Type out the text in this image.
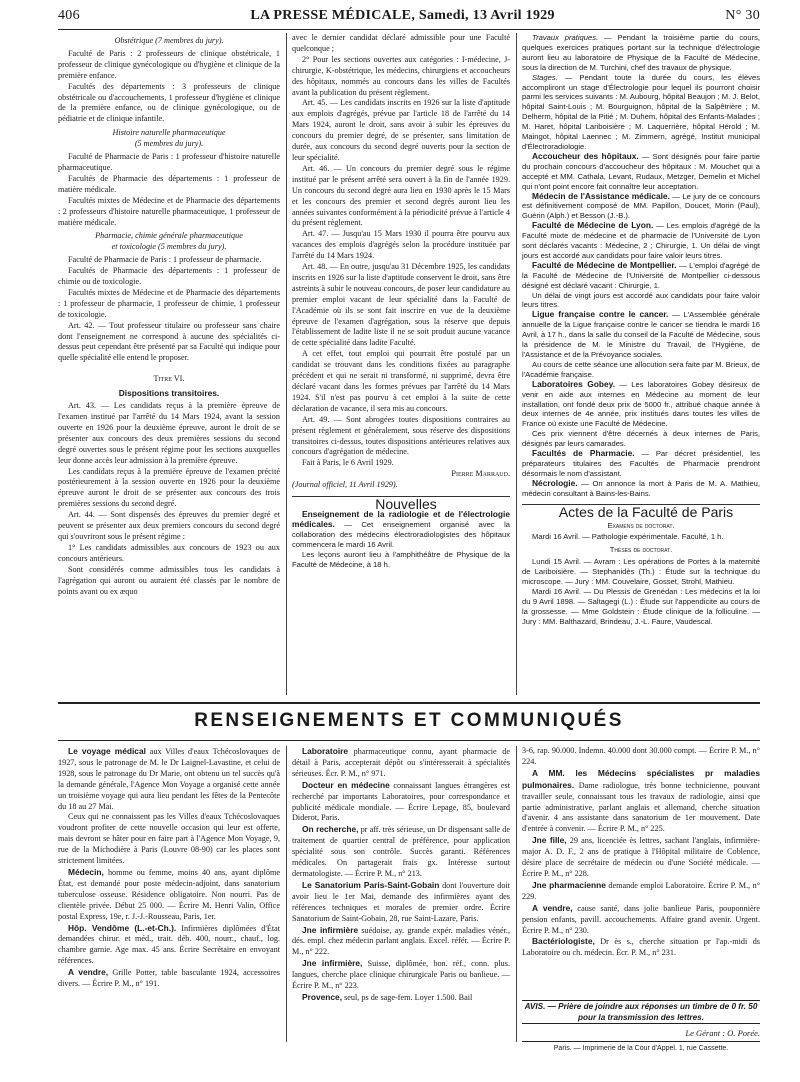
406	LA PRESSE MÉDICALE, Samedi, 13 Avril 1929	N° 30

Obstétrique (7 membres du jury).

Faculté de Paris : 2 professeurs de clinique obstétricale, 1 professeur de clinique gynécologique ou d'hygiène et clinique de la première enfance.

Facultés des départements : 3 professeurs de clinique obstétricale ou d'accouchements, 1 professeur d'hygiène et clinique de la première enfance, ou de clinique gynécologique, ou de pédiatrie et de clinique infantile.

Histoire naturelle pharmaceutique
(5 membres du jury).

Faculté de Pharmacie de Paris : 1 professeur d'histoire naturelle pharmaceutique.

Facultés de Pharmacie des départements : 1 professeur de matière médicale.

Facultés mixtes de Médecine et de Pharmacie des départements : 2 professeurs d'histoire naturelle pharmaceutique, 1 professeur de matière médicale.

Pharmacie, chimie générale pharmaceutique
et toxicologie (5 membres du jury).

Faculté de Pharmacie de Paris : 1 professeur de pharmacie.

Facultés de Pharmacie des départements : 1 professeur de chimie ou de toxicologie.

Facultés mixtes de Médecine et de Pharmacie des départements : 1 professeur de pharmacie, 1 professeur de chimie, 1 professeur de toxicologie.

Art. 42. — Tout professeur titulaire ou professeur sans chaire dont l'enseignement ne correspond à aucune des spécialités ci-dessus peut cependant être présenté par sa Faculté qui indique pour quelle spécialité elle entend le proposer.

Titre VI.

Dispositions transitoires.

Art. 43. — Les candidats reçus à la première épreuve de l'examen institué par l'arrêté du 14 Mars 1924, avant la session ouverte en 1926 pour la deuxième épreuve, auront le droit de se présenter aux concours des deux premières sessions du second degré ouvertes sous le présent régime pour les sections auxquelles leur donne accès leur admission à la première épreuve.

Les candidats reçus à la première épreuve de l'examen précité postérieurement à la session ouverte en 1926 pour la deuxième épreuve auront le droit de se présenter aux concours des trois premières sessions du second degré.

Art. 44. — Sont dispensés des épreuves du premier degré et peuvent se présenter aux deux premiers concours du second degré qui s'ouvriront sous le présent régime :

1° Les candidats admissibles aux concours de 1923 ou aux concours antérieurs.

Sont considérés comme admissibles tous les candidats à l'agrégation qui auront ou auraient été classés par le nombre de points avant ou ex æquo

avec le dernier candidat déclaré admissible pour une Faculté quelconque ;

2° Pour les sections ouvertes aux catégories : I-médecine, J-chirurgie, K-obstétrique, les médecins, chirurgiens et accoucheurs des hôpitaux, nommés au concours dans les villes de Facultés avant la publication du présent règlement.

Art. 45. — Les candidats inscrits en 1926 sur la liste d'aptitude aux emplois d'agrégés, prévue par l'article 18 de l'arrêté du 14 Mars 1924, auront le droit, sans avoir à subir les épreuves du concours du premier degré, de se présenter, sans limitation de durée, aux concours du second degré ouverts pour la section de leur spécialité.

Art. 46. — Un concours du premier degré sous le régime institué par le présent arrêté sera ouvert à la fin de l'année 1929. Un concours du second degré aura lieu en 1930 après le 15 Mars et les concours des premier et second degrés auront lieu les années suivantes conformément à la périodicité prévue à l'article 4 du présent règlement.

Art. 47. — Jusqu'au 15 Mars 1930 il pourra être pourvu aux vacances des emplois d'agrégés selon la procédure instituée par l'arrêté du 14 Mars 1924.

Art. 48. — En outre, jusqu'au 31 Décembre 1925, les candidats inscrits en 1926 sur la liste d'aptitude conservent le droit, sans être astreints à subir le nouveau concours, de poser leur candidature au premier emploi vacant de leur spécialité dans la Faculté de l'Académie où ils se sont fait inscrire en vue de la deuxième épreuve de l'examen d'agrégation, sous la réserve que depuis l'établissement de ladite liste il ne se soit produit aucune vacance de cette spécialité dans ladite Faculté.

A cet effet, tout emploi qui pourrait être postulé par un candidat se trouvant dans les conditions fixées au paragraphe précédent et qui ne serait ni transformé, ni supprimé, devra être déclaré vacant dans les formes prévues par l'arrêté du 14 Mars 1924. S'il n'est pas pourvu à cet emploi à la suite de cette déclaration de vacance, il sera mis au concours.

Art. 49. — Sont abrogées toutes dispositions contraires au présent règlement et généralement, sous réserve des dispositions transitoires ci-dessus, toutes dispositions antérieures relatives aux concours d'agrégation de médecine.

Fait à Paris, le 6 Avril 1929.

Pierre Marraud.

(Journal officiel, 11 Avril 1929).

Nouvelles

Enseignement de la radiologie et de l'électrologie médicales. — Cet enseignement organisé avec la collaboration des médecins électroradiologistes des hôpitaux commencera le mardi 16 Avril.

Les leçons auront lieu à l'amphithéâtre de Physique de la Faculté de Médecine, à 18 h.

Travaux pratiques. — Pendant la troisième partie du cours, quelques exercices pratiques portant sur la technique d'électrologie auront lieu au laboratoire de Physique de la Faculté de Médecine, sous la direction de M. Turchini, chef des travaux de physique.

Stages. — Pendant toute la durée du cours, les élèves accompliront un stage d'Électrologie pour lequel ils pourront choisir parmi les services suivants : M. Aubourg, hôpital Beaujon ; M. J. Belot, hôpital Saint-Louis ; M. Bourguignon, hôpital de la Salpêtrière ; M. Delherm, hôpital de la Pitié ; M. Duhem, hôpital des Enfants-Malades ; M. Haret, hôpital Lariboisière ; M. Laquerrière, hôpital Hérold ; M. Maingot, hôpital Laennec ; M. Zimmern, agrégé, Institut municipal d'Électroradiologie.

Accoucheur des hôpitaux. — Sont désignés pour faire partie du prochain concours d'accoucheur des hôpitaux : M. Mouchet qui a accepté et MM. Cathala, Levant, Rudaux, Metzger, Demelin et Michel qui n'ont point encore fait connaître leur acceptation.

Médecin de l'Assistance médicale. — Le jury de ce concours est définitivement composé de MM. Papillon, Doucet, Morin (Paul), Guérin (Alph.) et Besson (J.-B.).

Faculté de Médecine de Lyon. — Les emplois d'agrégé de la Faculté mixte de médecine et de pharmacie de l'Université de Lyon sont déclarés vacants : Médecine, 2 ; Chirurgie, 1. Un délai de vingt jours est accordé aux candidats pour faire valoir leurs titres.

Faculté de Médecine de Montpellier. — L'emploi d'agrégé de la Faculté de Médecine de l'Université de Montpellier ci-dessous désigné est déclaré vacant : Chirurgie, 1.

Un délai de vingt jours est accordé aux candidats pour faire valoir leurs titres.

Ligue française contre le cancer. — L'Assemblée générale annuelle de la Ligue française contre le cancer se tiendra le mardi 16 Avril, à 17 h., dans la salle du conseil de la Faculté de Médecine, sous la présidence de M. le Ministre du Travail, de l'Hygiène, de l'Assistance et de la Prévoyance sociales.

Au cours de cette séance une allocution sera faite par M. Brieux, de l'Académie française.

Laboratoires Gobey. — Les laboratoires Gobey désireux de venir en aide aux internes en Médecine au moment de leur installation, ont fondé deux prix de 5000 fr., attribué chaque année à deux internes de 4e année, prix institués dans toutes les villes de France où existe une Faculté de Médecine.

Ces prix viennent d'être décernés à deux internes de Paris, désignés par leurs camarades.

Facultés de Pharmacie. — Par décret présidentiel, les préparateurs titulaires des Facultés de Pharmacie prendront désormais le nom d'assistant.

Nécrologie. — On annonce la mort à Paris de M. A. Mathieu, médecin consultant à Bains-les-Bains.

Actes de la Faculté de Paris

Examens de doctorat.

Mardi 16 Avril. — Pathologie expérimentale. Faculté, 1 h.

Thèses de doctorat.

Lundi 15 Avril. — Avram : Les opérations de Portes à la maternité de Lariboisière. — Stephanidès (Th.) : Étude sur la technique du microscope. — Jury : MM. Couvelaire, Gosset, Strohl, Mathieu.

Mardi 16 Avril. — Du Plessis de Grenédan : Les médecins et la loi du 9 Avril 1898. — Saltagegi (L.) : Étude sur l'appendicite au cours de la grossesse. — Mme Goldstein : Étude clinique de la folliculine. — Jury : MM. Balthazard, Brindeau, J.-L. Faure, Vaudescal.

RENSEIGNEMENTS ET COMMUNIQUÉS

Le voyage médical aux Villes d'eaux Tchécoslovaques de 1927, sous le patronage de M. le Dr Laignel-Lavastine, et celui de 1928, sous le patronage du Dr Marie, ont obtenu un tel succès qu'à la demande générale, l'Agence Mon Voyage a organisé cette année un troisième voyage qui aura lieu pendant les fêtes de la Pentecôte du 18 au 27 Mai.

Ceux qui ne connaissent pas les Villes d'eaux Tchécoslovaques voudront profiter de cette nouvelle occasion qui leur est offerte, mais devront se hâter pour en faire part à l'Agence Mon Voyage, 9, rue de la Michodière à Paris (Louvre 08-90) car les places sont strictement limitées.

Médecin, homme ou femme, moins 40 ans, ayant diplôme État, est demandé pour poste médecin-adjoint, dans sanatorium tuberculose osseuse. Résidence obligatoire. Non nourri. Pas de clientèle privée. Début 25 000. — Écrire M. Henri Valin, Office postal Express, 19e, r. J.-J.-Rousseau, Paris, 1er.

Hôp. Vendôme (L.-et-Ch.). Infirmières diplômées d'État demandées chirur. et méd., trait. déb. 400, nourr., chauf., log. chambre garnie. Age max. 45 ans. Écrire Secrétaire en envoyant références.

A vendre, Grille Potter, table basculante 1924, accessoires divers. — Écrire P. M., n° 191.

Laboratoire pharmaceutique connu, ayant pharmacie de détail à Paris, accepterait dépôt ou s'intéresserait à spécialités sérieuses. Écr. P. M., n° 971.

Docteur en médecine connaissant langues étrangères est recherché par importants Laboratoires, pour correspondance et publicité médicale mondiale. — Écrire Lepage, 85, boulevard Diderot, Paris.

On recherche, pr aff. très sérieuse, un Dr dispensant salle de traitement de quartier central de préférence, pour application spécialité sous son contrôle. Succès garanti. Références médicales. On partagerait frais gx. Intéresse surtout dermatologiste. — Écrire P. M., n° 213.

Le Sanatorium Paris-Saint-Gobain dont l'ouverture doit avoir lieu le 1er Mai, demande des infirmières ayant des références techniques et morales de premier ordre. Écrire Sanatorium de Saint-Gobain, 28, rue Saint-Lazare, Paris.

Jne infirmière suédoise, ay. grande expér. maladies vénér., dés. empl. chez médecin parlant anglais. Excel. référ. — Écrire P. M., n° 222.

Jne infirmière, Suisse, diplômée, bon. réf., conn. plus. langues, cherche place clinique chirurgicale Paris ou banlieue. — Écrire P. M., n° 223.

Provence, seul, ps de sage-fem. Loyer 1.500. Bail

3-6, rap. 90.000. Indemn. 40.000 dont 30.000 compt. — Écrire P. M., n° 224.

A MM. les Médecins spécialistes pr maladies pulmonaires. Dame radiologue, très bonne technicienne, pouvant travailler seule, connaissant tous les travaux de radiologie, ainsi que partie administrative, parlant anglais et allemand, cherche situation d'avenir. 4 ans assistante dans sanatorium de 1er mouvement. Date d'entrée à convenir. — Écrire P. M., n° 225.

Jne fille, 29 ans, licenciée ès lettres, sachant l'anglais, infirmière-major A. D. F., 2 ans de pratique à l'Hôpital militaire de Coblence, désire place de secrétaire de médecin ou d'une Société médicale. — Écrire P. M., n° 228.

Jne pharmacienne demande emploi Laboratoire. Écrire P. M., n° 229.

A vendre, cause santé, dans jolie banlieue Paris, pouponnière pension enfants, pavill. accouchements. Affaire grand avenir. Urgent. Écrire P. M., n° 230.

Bactériologiste, Dr ès s., cherche situation pr l'ap.-midi ds Laboratoire ou ch. médecin. Écr. P. M., n° 231.

AVIS. — Prière de joindre aux réponses un timbre de 0 fr. 50 pour la transmission des lettres.
Le Gérant : O. Porée.
Paris. — Imprimerie de la Cour d'Appel. 1, rue Cassette.
